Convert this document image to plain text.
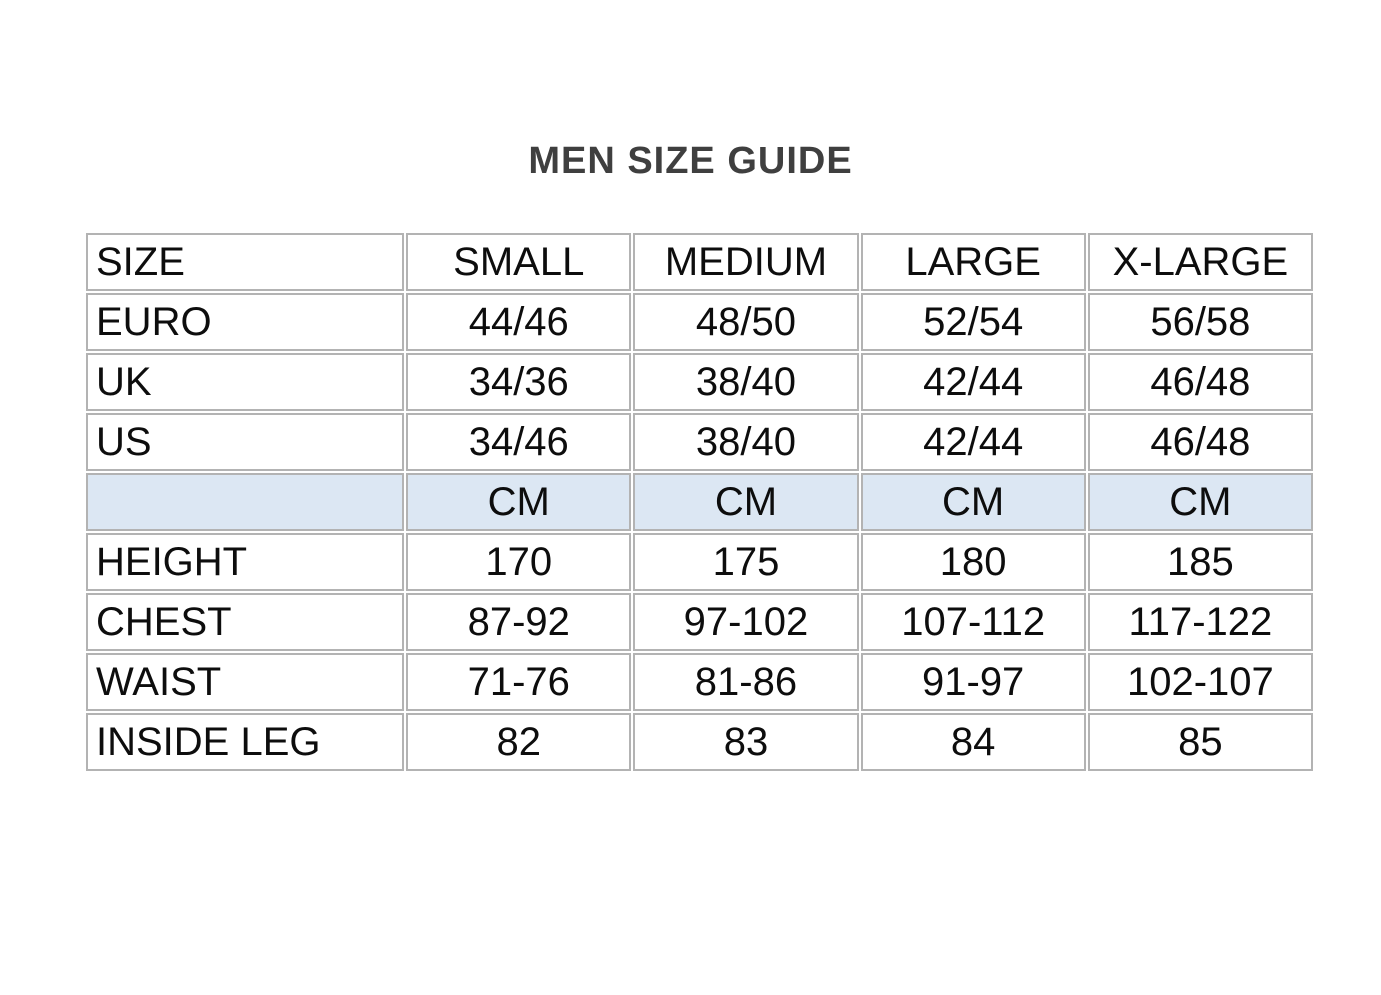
MEN SIZE GUIDE
SIZE	SMALL	MEDIUM	LARGE	X-LARGE
EURO	44/46	48/50	52/54	56/58
UK	34/36	38/40	42/44	46/48
US	34/46	38/40	42/44	46/48
	CM	CM	CM	CM
HEIGHT	170	175	180	185
CHEST	87-92	97-102	107-112	117-122
WAIST	71-76	81-86	91-97	102-107
INSIDE LEG	82	83	84	85
